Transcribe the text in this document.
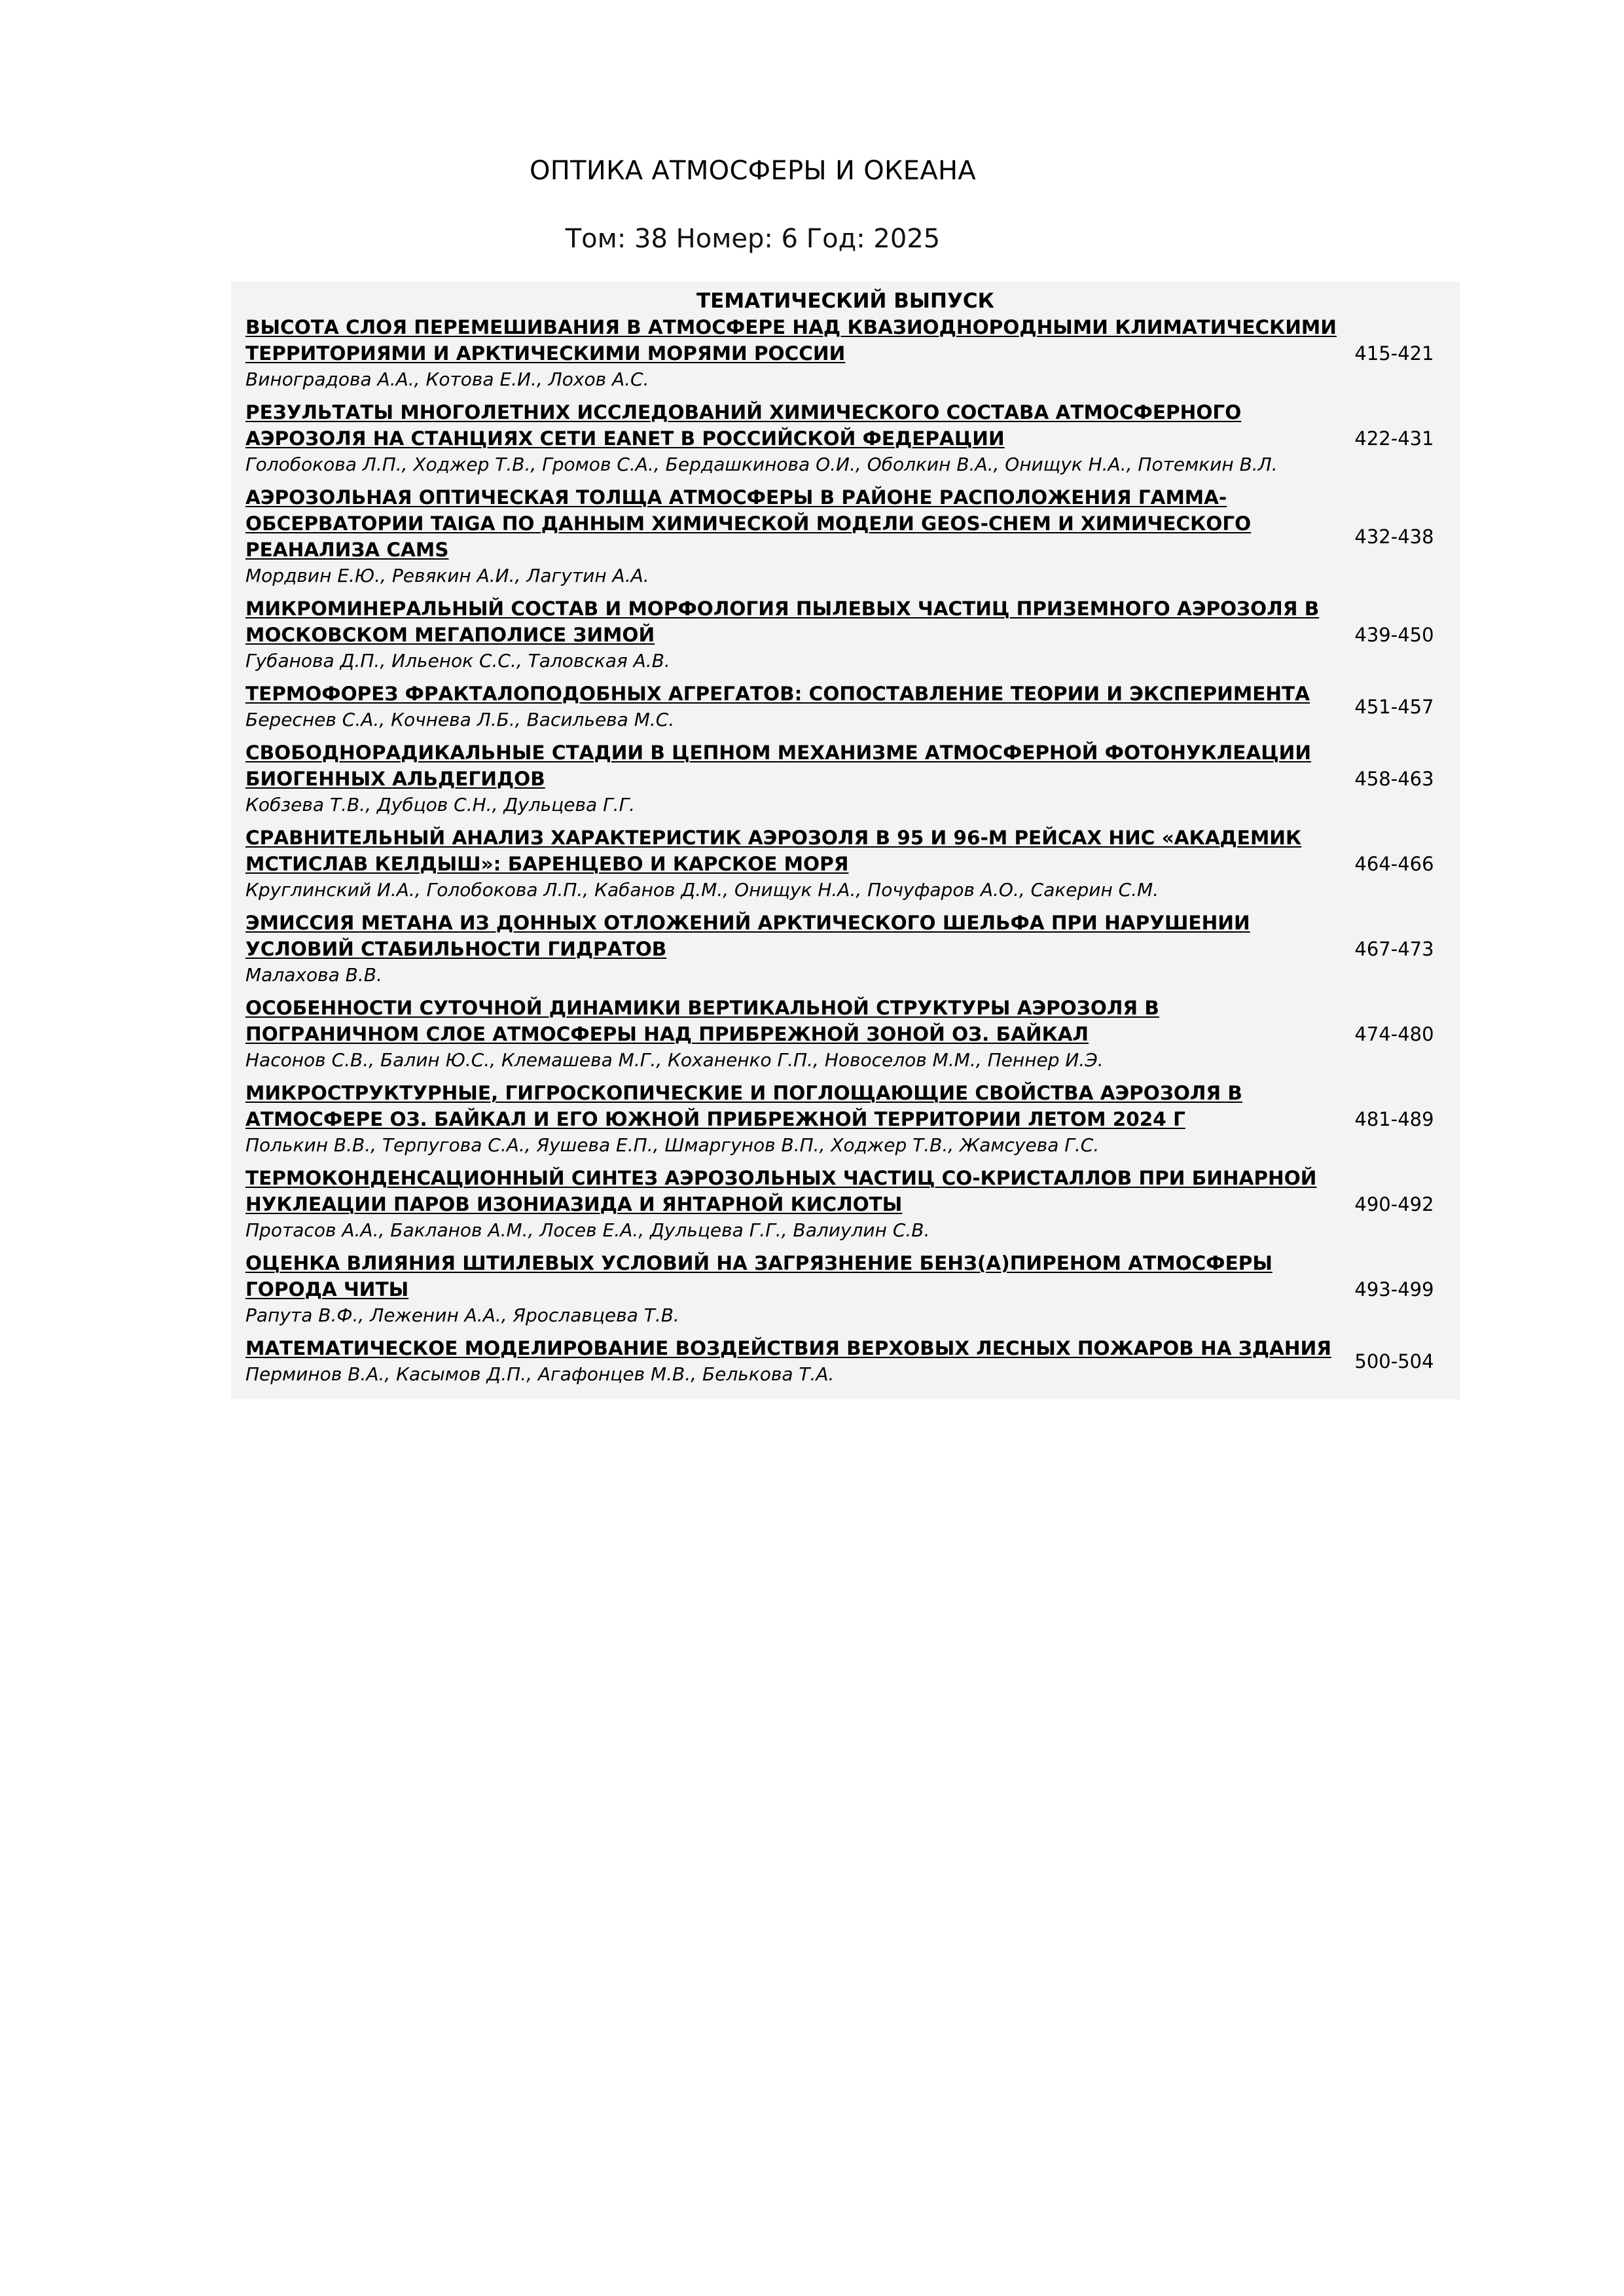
ОПТИКА АТМОСФЕРЫ И ОКЕАНА

Том: 38 Номер: 6 Год: 2025

ТЕМАТИЧЕСКИЙ ВЫПУСК
ВЫСОТА СЛОЯ ПЕРЕМЕШИВАНИЯ В АТМОСФЕРЕ НАД КВАЗИОДНОРОДНЫМИ КЛИМАТИЧЕСКИМИ ТЕРРИТОРИЯМИ И АРКТИЧЕСКИМИ МОРЯМИ РОССИИ
Виноградова А.А., Котова Е.И., Лохов А.С.
415-421
РЕЗУЛЬТАТЫ МНОГОЛЕТНИХ ИССЛЕДОВАНИЙ ХИМИЧЕСКОГО СОСТАВА АТМОСФЕРНОГО АЭРОЗОЛЯ НА СТАНЦИЯХ СЕТИ EANET В РОССИЙСКОЙ ФЕДЕРАЦИИ
Голобокова Л.П., Ходжер Т.В., Громов С.А., Бердашкинова О.И., Оболкин В.А., Онищук Н.А., Потемкин В.Л.
422-431
АЭРОЗОЛЬНАЯ ОПТИЧЕСКАЯ ТОЛЩА АТМОСФЕРЫ В РАЙОНЕ РАСПОЛОЖЕНИЯ ГАММА-ОБСЕРВАТОРИИ TAIGA ПО ДАННЫМ ХИМИЧЕСКОЙ МОДЕЛИ GEOS-CHEM И ХИМИЧЕСКОГО РЕАНАЛИЗА CAMS
Мордвин Е.Ю., Ревякин А.И., Лагутин А.А.
432-438
МИКРОМИНЕРАЛЬНЫЙ СОСТАВ И МОРФОЛОГИЯ ПЫЛЕВЫХ ЧАСТИЦ ПРИЗЕМНОГО АЭРОЗОЛЯ В МОСКОВСКОМ МЕГАПОЛИСЕ ЗИМОЙ
Губанова Д.П., Ильенок С.С., Таловская А.В.
439-450
ТЕРМОФОРЕЗ ФРАКТАЛОПОДОБНЫХ АГРЕГАТОВ: СОПОСТАВЛЕНИЕ ТЕОРИИ И ЭКСПЕРИМЕНТА
Береснев С.А., Кочнева Л.Б., Васильева М.С.
451-457
СВОБОДНОРАДИКАЛЬНЫЕ СТАДИИ В ЦЕПНОМ МЕХАНИЗМЕ АТМОСФЕРНОЙ ФОТОНУКЛЕАЦИИ БИОГЕННЫХ АЛЬДЕГИДОВ
Кобзева Т.В., Дубцов С.Н., Дульцева Г.Г.
458-463
СРАВНИТЕЛЬНЫЙ АНАЛИЗ ХАРАКТЕРИСТИК АЭРОЗОЛЯ В 95 И 96-М РЕЙСАХ НИС «АКАДЕМИК МСТИСЛАВ КЕЛДЫШ»: БАРЕНЦЕВО И КАРСКОЕ МОРЯ
Круглинский И.А., Голобокова Л.П., Кабанов Д.М., Онищук Н.А., Почуфаров А.О., Сакерин С.М.
464-466
ЭМИССИЯ МЕТАНА ИЗ ДОННЫХ ОТЛОЖЕНИЙ АРКТИЧЕСКОГО ШЕЛЬФА ПРИ НАРУШЕНИИ УСЛОВИЙ СТАБИЛЬНОСТИ ГИДРАТОВ
Малахова В.В.
467-473
ОСОБЕННОСТИ СУТОЧНОЙ ДИНАМИКИ ВЕРТИКАЛЬНОЙ СТРУКТУРЫ АЭРОЗОЛЯ В ПОГРАНИЧНОМ СЛОЕ АТМОСФЕРЫ НАД ПРИБРЕЖНОЙ ЗОНОЙ ОЗ. БАЙКАЛ
Насонов С.В., Балин Ю.С., Клемашева М.Г., Коханенко Г.П., Новоселов М.М., Пеннер И.Э.
474-480
МИКРОСТРУКТУРНЫЕ, ГИГРОСКОПИЧЕСКИЕ И ПОГЛОЩАЮЩИЕ СВОЙСТВА АЭРОЗОЛЯ В АТМОСФЕРЕ ОЗ. БАЙКАЛ И ЕГО ЮЖНОЙ ПРИБРЕЖНОЙ ТЕРРИТОРИИ ЛЕТОМ 2024 Г
Полькин В.В., Терпугова С.А., Яушева Е.П., Шмаргунов В.П., Ходжер Т.В., Жамсуева Г.С.
481-489
ТЕРМОКОНДЕНСАЦИОННЫЙ СИНТЕЗ АЭРОЗОЛЬНЫХ ЧАСТИЦ СО-КРИСТАЛЛОВ ПРИ БИНАРНОЙ НУКЛЕАЦИИ ПАРОВ ИЗОНИАЗИДА И ЯНТАРНОЙ КИСЛОТЫ
Протасов А.А., Бакланов А.М., Лосев Е.А., Дульцева Г.Г., Валиулин С.В.
490-492
ОЦЕНКА ВЛИЯНИЯ ШТИЛЕВЫХ УСЛОВИЙ НА ЗАГРЯЗНЕНИЕ БЕНЗ(А)ПИРЕНОМ АТМОСФЕРЫ ГОРОДА ЧИТЫ
Рапута В.Ф., Леженин А.А., Ярославцева Т.В.
493-499
МАТЕМАТИЧЕСКОЕ МОДЕЛИРОВАНИЕ ВОЗДЕЙСТВИЯ ВЕРХОВЫХ ЛЕСНЫХ ПОЖАРОВ НА ЗДАНИЯ
Перминов В.А., Касымов Д.П., Агафонцев М.В., Белькова Т.А.
500-504
